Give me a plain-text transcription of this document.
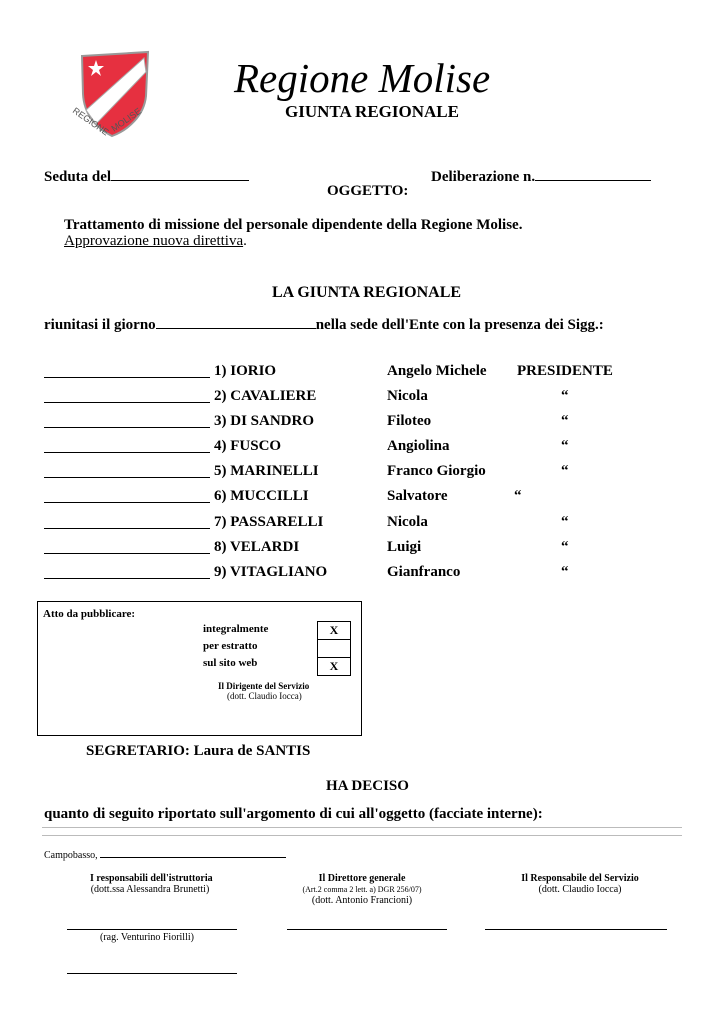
REGIONE
MOLISE
Regione Molise
GIUNTA REGIONALE
Seduta del	Deliberazione n.
OGGETTO:
Trattamento di missione del personale dipendente della Regione Molise.
Approvazione nuova direttiva.
LA GIUNTA REGIONALE
riunitasi il giorno	nella sede dell'Ente con la presenza dei Sigg.:
1) IORIO	Angelo Michele PRESIDENTE
2) CAVALIERE	Nicola	“
3) DI SANDRO	Filoteo	“
4) FUSCO	Angiolina	“
5) MARINELLI	Franco Giorgio	“
6) MUCCILLI	Salvatore	“
7) PASSARELLI	Nicola	“
8) VELARDI	Luigi	“
9) VITAGLIANO	Gianfranco	“
Atto da pubblicare:
integralmente	X
per estratto
sul sito web	X
Il Dirigente del Servizio
(dott. Claudio Iocca)
SEGRETARIO: Laura de SANTIS
HA DECISO
quanto di seguito riportato sull'argomento di cui all'oggetto (facciate interne):
Campobasso,
I responsabili dell'istruttoria
(dott.ssa Alessandra Brunetti)
Il Direttore generale
(Art.2 comma 2 lett. a) DGR 256/07)
(dott. Antonio Francioni)
Il Responsabile del Servizio
(dott. Claudio Iocca)
(rag. Venturino Fiorilli)
